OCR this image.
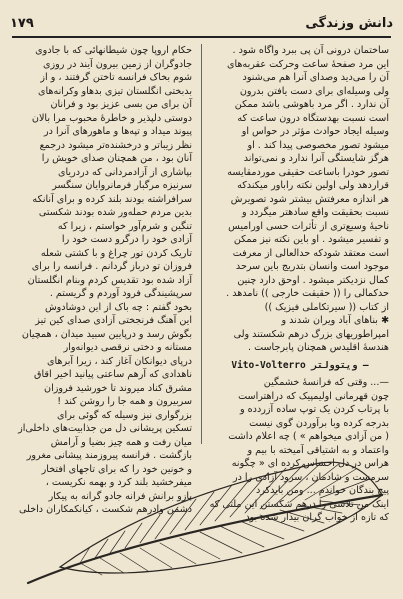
دانش وزندگی
۱۷۹
ساختمان درونی آن پی ببرد واگاه شود .
این مرد صفحهٔ ساعت وحرکت عقربه‌های
آن را می‌دید وصدای آنرا هم می‌شنود
ولی وسیله‌ای برای دست یافتن بدرون
آن ندارد . اگر مرد باهوشی باشد ممکن
است نسبت بهدستگاه درون ساعت که
وسیله ایجاد حوادث مؤثر در حواس او
میشود تصور مخصوصی پیدا کند . او
هرگز شایستگی آنرا ندارد و نمی‌تواند
تصور خودرا باساعت حقیقی موردمقایسه
قراردهد ولی اولین نکته راباور میکندکه
هر اندازه معرفتش بیشتر شود تصویرش
نسبت بحقیقت واقع سادهتر میگردد و
ناحیهٔ وسیع‌تری از تأثرات حسی اورامیس
و تفسیر میشود . او باین نکته نیز ممکن
است معتقد شودکه حدالعالی از معرفت
موجود است وانسان بتدریج باین سرحد
کمال نزدیکتر میشود . اوحق دارد چنین
حدکمالی را (( حقیقت خارجی )) نامدهد .
از کتاب (( سیرتکاملی فیزیک ))
✱ بناهای آباد ویران شدند و
امپراطوریهای بزرگ درهم شکستند ولی
هندسهٔ اقلیدس همچنان پابرجاست .
Vito-Volterro ویتوولتر —
—... وقتی که فرانسهٔ خشمگین
چون قهرمانی اولیمپیک که دراهتراست
با پرتاب کردن یک توپ ساده آزردده و
بدرجه کرده وبا برآوردن گوی نیست
( من آزادی میخواهم » ) چه اعلام داشت
واعتماد و به اشتیاقی آمیخته با بیم و
هراس در دل احساس کرده ای « چگونه
سرمست و شادمان ، سرود آزادی را در
پیچ بندگان خواندم ... ومن بایدکرد
اینک من تلاشی را درهم شکستن این ملتی که
که تازه از خواب گران بیدار شده بود
حکام اروپا چون شیطانهائی که با جادوی
جادوگران از زمین بیرون آیند در روزی
شوم بخاک فرانسه تاختن گرفتند ، و از
بدبختی انگلستان تیزی بدهاو وکرانه‌های
آن برای من بسی عزیز بود و فرانان
دوستی دلپذیر و خاطرهٔ محبوب مرا بالان
پیوند میداد و تپه‌ها و ماهورهای آنرا در
نظر زیباتر و درخشنده‌تر میشود درجمع
آنان بود ، من همچنان صدای خویش را
بپاشاری از آزادمردانی که دردریای
سرنیزه مرگبار فرمانروایان سنگسر
سرافراشته بودند بلند کرده و برای آنانکه
بدین مردم حمله‌ور شده بودند شکستی
تنگین و شرم‌آور خواستم ، زیرا که
آزادی خود را درگرو دست خود را
تاریک کردن تور چراغ و با کشتی شعله
فروزان تو درباز گردانم . فرانسه را برای
آزاد شده بود تقدیس کردم وبنام انگلستان
سرپشیندگی فرود آوردم و گریستم .
بخود گفتم : چه باک از این دوشادوش
این آهنگ فرنجختی آزادی صدای کین تیز
بگوش رسد و درپایین سبید میدان ، همچیان
مستانه و دختی نرقصی دیوانه‌وار
درپای دیوانکان آغاز کند ، زیرا آبرهای
ناهدادی که آرهم ساعتی پیانید اخیر اقاق
مشرق کناد میروند تا خورشید فروزان
سربیرون و همه جا را روشن کند !
بزرگواری نیز وسیله که گوئی برای
تسکین پریشانی دل من جذابیت‌های داخلی‌از
میان رفت و همه چیز بضیا و آرامش
بازگشت . فرانسه پیروزمند پیشانی مغرور
و خونین خود را که برای تاجهای افتخار
میفرخشید بلند کرد و بهمه نکریست ،
بازو برانش فرانه جادو گرانه به پیکار
دشمن وادرهم شکست ، کیانکمکاران داخلی
